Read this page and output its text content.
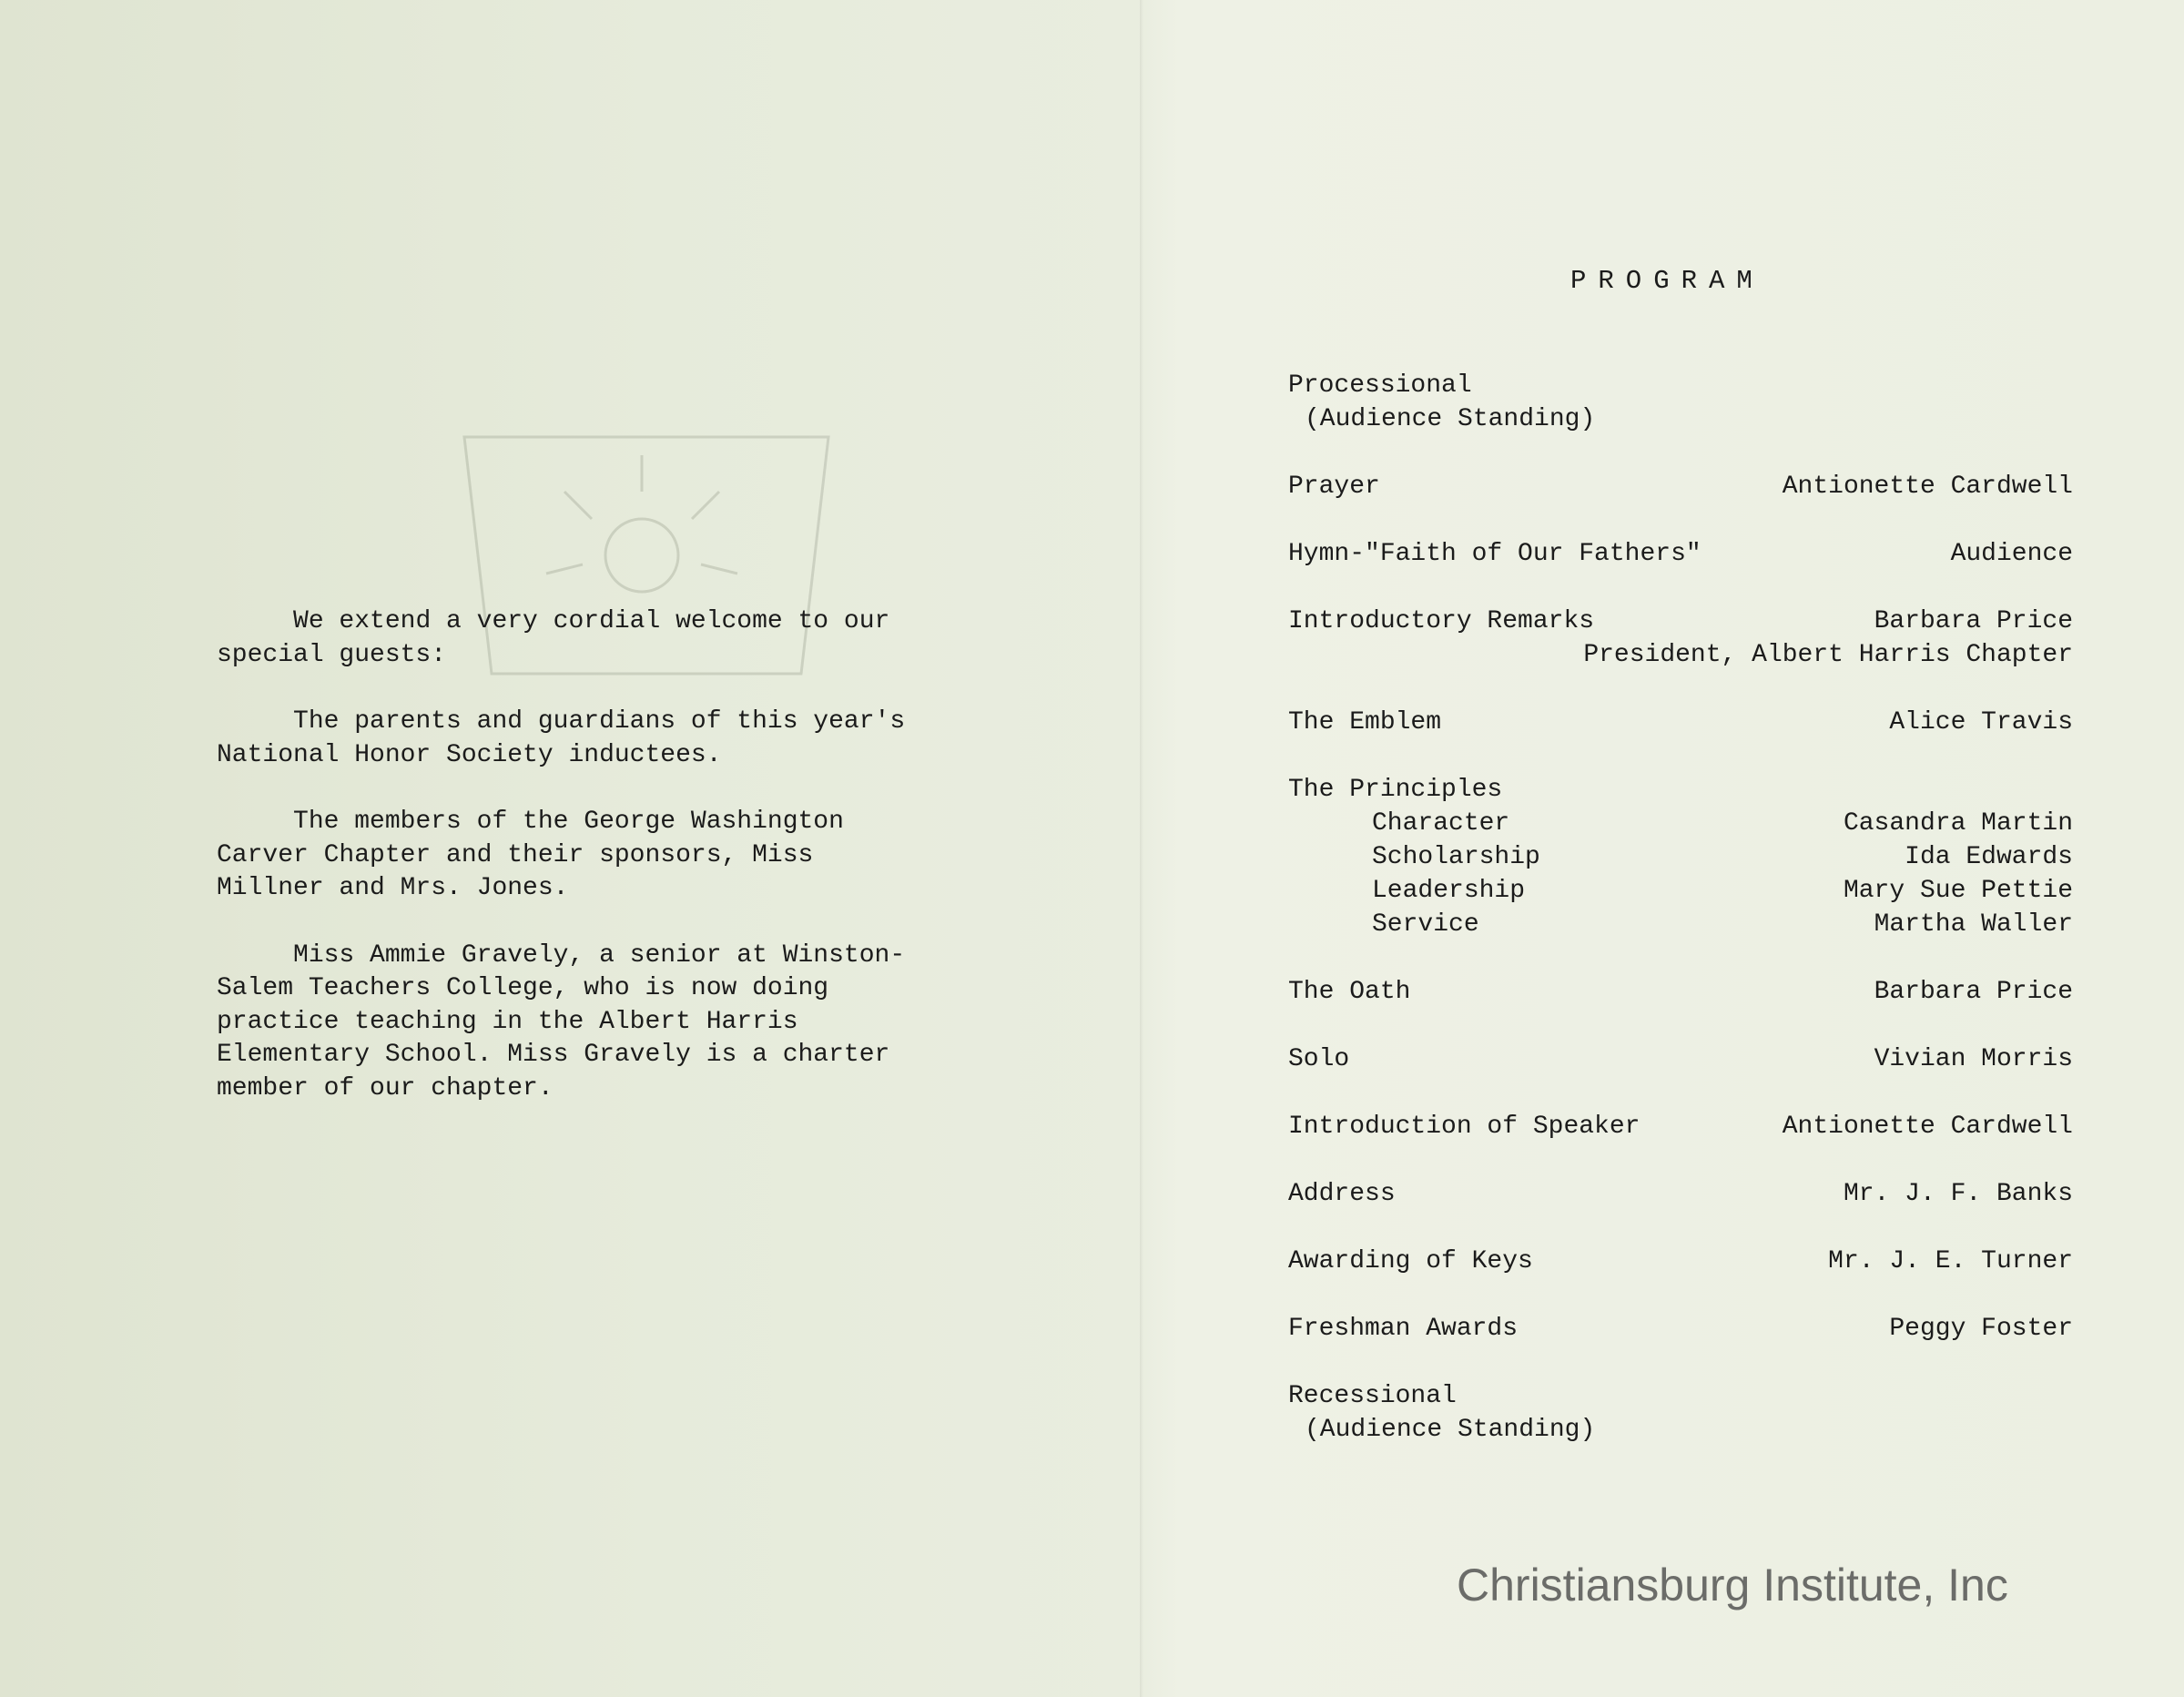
We extend a very cordial welcome to our
special guests:

The parents and guardians of this year's
National Honor Society inductees.

The members of the George Washington
Carver Chapter and their sponsors, Miss
Millner and Mrs. Jones.

Miss Ammie Gravely, a senior at Winston-
Salem Teachers College, who is now doing
practice teaching in the Albert Harris
Elementary School. Miss Gravely is a charter
member of our chapter.

PROGRAM
Processional
(Audience Standing)
Prayer	Antionette Cardwell
Hymn-"Faith of Our Fathers"	Audience
Introductory Remarks	Barbara Price
President, Albert Harris Chapter
The Emblem	Alice Travis
The Principles
Character	Casandra Martin
Scholarship	Ida Edwards
Leadership	Mary Sue Pettie
Service	Martha Waller
The Oath	Barbara Price
Solo	Vivian Morris
Introduction of Speaker	Antionette Cardwell
Address	Mr. J. F. Banks
Awarding of Keys	Mr. J. E. Turner
Freshman Awards	Peggy Foster
Recessional
(Audience Standing)
Christiansburg Institute, Inc
